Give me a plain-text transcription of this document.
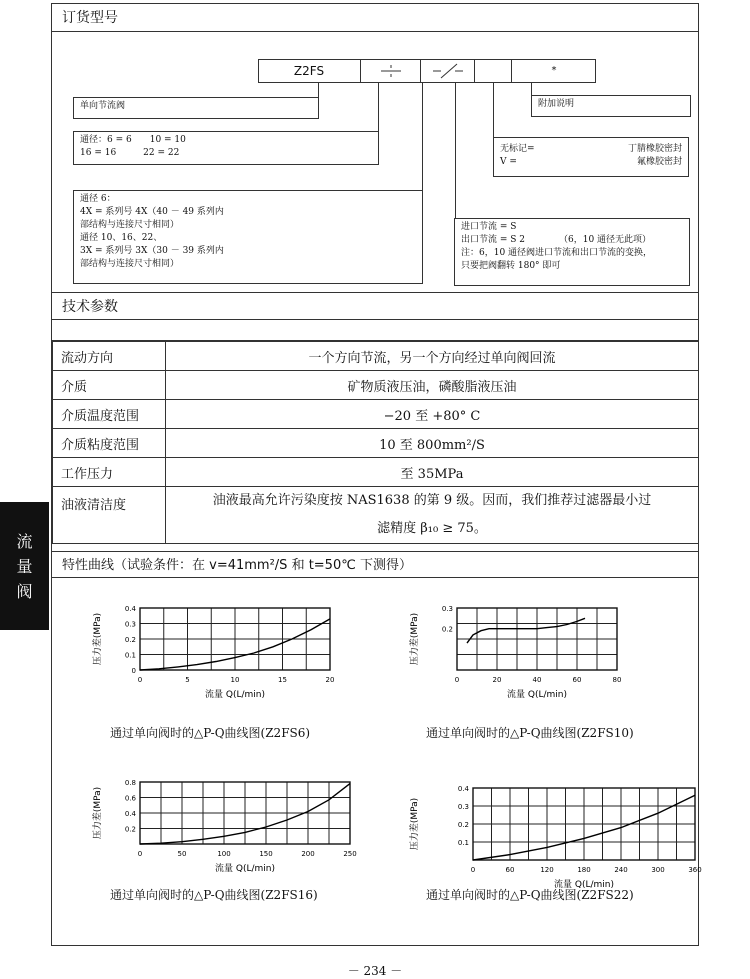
流
量
阀
订货型号
Z2FS	*
单向节流阀
通径：6 = 6　　10 = 10
16 = 16　　　22 = 22
通径 6：
4X = 系列号 4X（40 － 49 系列内
部结构与连接尺寸相同）
通径 10、16、22、
3X = 系列号 3X（30 － 39 系列内
部结构与连接尺寸相同）
进口节流 = S
出口节流 = S 2
注：6，10 通径阀进口节流和出口节流的变换，
只要把阀翻转 180° 即可
（6，10 通径无此项）
无标记=	丁腈橡胶密封
V =	氟橡胶密封
附加说明
技术参数
流动方向	一个方向节流，另一个方向经过单向阀回流
介质	矿物质液压油，磷酸脂液压油
介质温度范围	−20 至 +80° C
介质粘度范围	10 至 800mm²/S
工作压力	至 35MPa
油液清洁度	油液最高允许污染度按 NAS1638 的第 9 级。因而，我们推荐过滤器最小过
滤精度 β₁₀ ≥ 75。
特性曲线（试验条件：在 v=41mm²/S 和 t=50℃ 下测得）
0	5	10	15	20
0
0.1
0.2
0.3
0.4
流量 Q(L/min)
压力差(MPa)
0	20	40	60	80
0.2
0.3
流量 Q(L/min)
压力差(MPa)
0	50	100	150	200	250
0.2
0.4
0.6
0.8
流量 Q(L/min)
压力差(MPa)
0	60	120	180	240	300	360
0.1
0.2
0.3
0.4
流量 Q(L/min)
压力差(MPa)
通过单向阀时的△P-Q曲线图(Z2FS6)	通过单向阀时的△P-Q曲线图(Z2FS10)
通过单向阀时的△P-Q曲线图(Z2FS16)	通过单向阀时的△P-Q曲线图(Z2FS22)
－ 234 －
